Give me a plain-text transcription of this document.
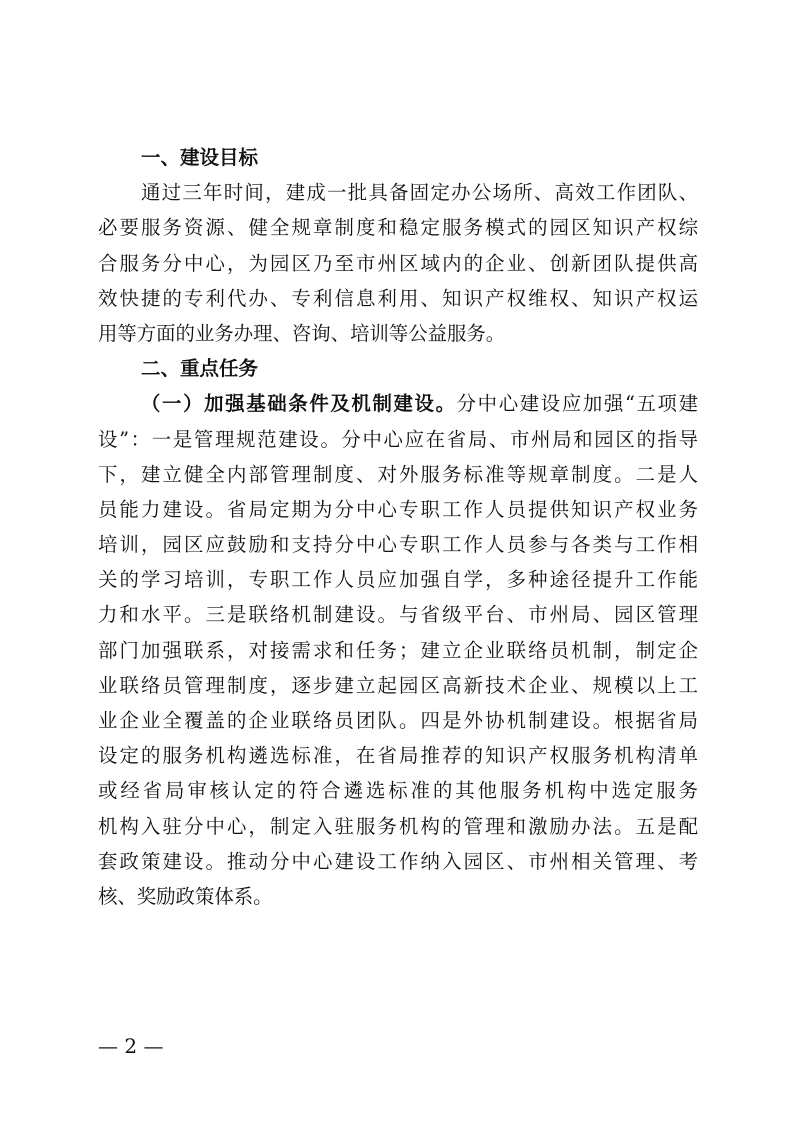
一、建设目标

通过三年时间，建成一批具备固定办公场所、高效工作团队、
必要服务资源、健全规章制度和稳定服务模式的园区知识产权综
合服务分中心，为园区乃至市州区域内的企业、创新团队提供高
效快捷的专利代办、专利信息利用、知识产权维权、知识产权运
用等方面的业务办理、咨询、培训等公益服务。

二、重点任务

（一）加强基础条件及机制建设。分中心建设应加强“五项建
设”：一是管理规范建设。分中心应在省局、市州局和园区的指导
下，建立健全内部管理制度、对外服务标准等规章制度。二是人
员能力建设。省局定期为分中心专职工作人员提供知识产权业务
培训，园区应鼓励和支持分中心专职工作人员参与各类与工作相
关的学习培训，专职工作人员应加强自学，多种途径提升工作能
力和水平。三是联络机制建设。与省级平台、市州局、园区管理
部门加强联系，对接需求和任务；建立企业联络员机制，制定企
业联络员管理制度，逐步建立起园区高新技术企业、规模以上工
业企业全覆盖的企业联络员团队。四是外协机制建设。根据省局
设定的服务机构遴选标准，在省局推荐的知识产权服务机构清单
或经省局审核认定的符合遴选标准的其他服务机构中选定服务
机构入驻分中心，制定入驻服务机构的管理和激励办法。五是配
套政策建设。推动分中心建设工作纳入园区、市州相关管理、考
核、奖励政策体系。

— 2 —
